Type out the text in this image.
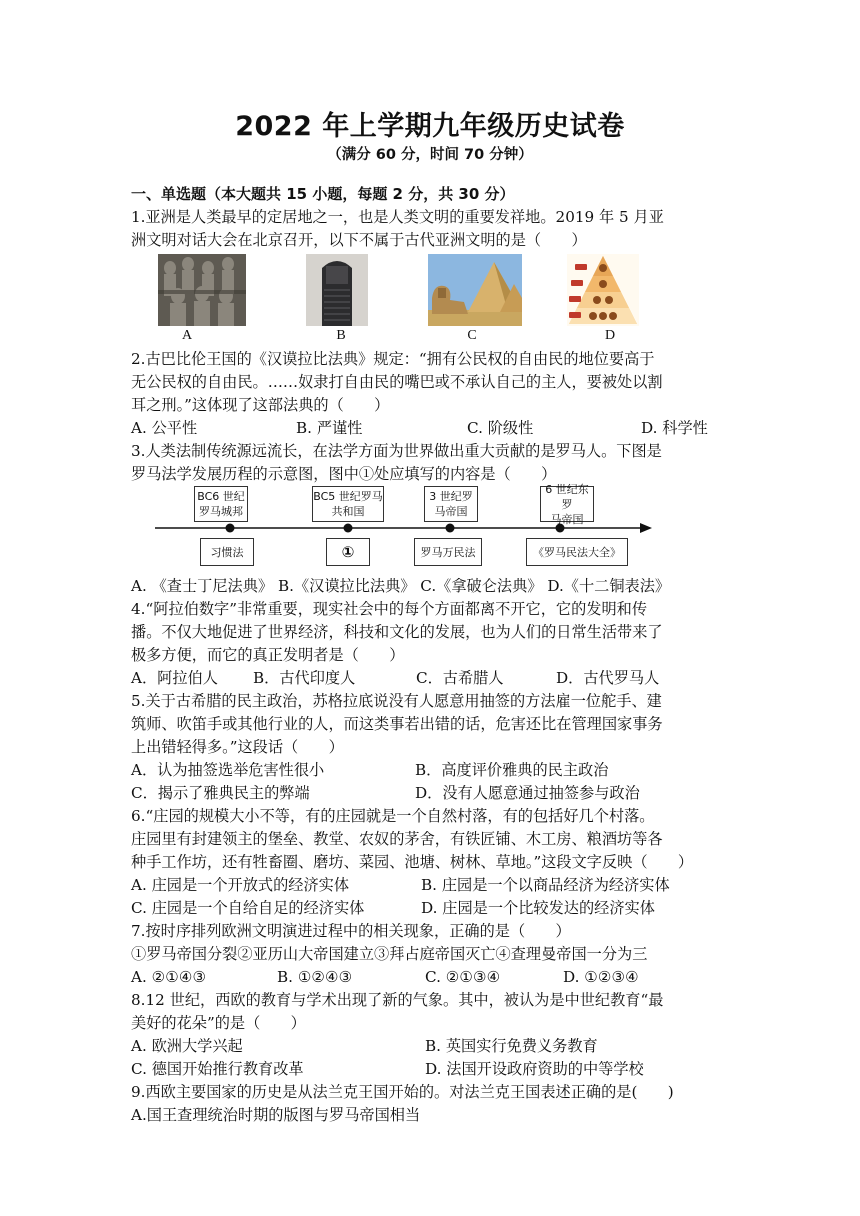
2022 年上学期九年级历史试卷
（满分 60 分，时间 70 分钟）
一、单选题（本大题共 15 小题，每题 2 分，共 30 分）
1.亚洲是人类最早的定居地之一，也是人类文明的重要发祥地。2019 年 5 月亚
洲文明对话大会在北京召开，以下不属于古代亚洲文明的是（　　）
A	B	C	D
2.古巴比伦王国的《汉谟拉比法典》规定：“拥有公民权的自由民的地位要高于
无公民权的自由民。……奴隶打自由民的嘴巴或不承认自己的主人，要被处以割
耳之刑。”这体现了这部法典的（　　）
A. 公平性	B. 严谨性	C. 阶级性	D. 科学性
3.人类法制传统源远流长，在法学方面为世界做出重大贡献的是罗马人。下图是
罗马法学发展历程的示意图，图中①处应填写的内容是（　　）
BC6 世纪
罗马城邦
BC5 世纪罗马
共和国
3 世纪罗
马帝国
6 世纪东罗
马帝国
习惯法	①	罗马万民法	《罗马民法大全》
A. 《查士丁尼法典》 B.《汉谟拉比法典》 C.《拿破仑法典》 D.《十二铜表法》
4.“阿拉伯数字”非常重要，现实社会中的每个方面都离不开它，它的发明和传
播。不仅大地促进了世界经济，科技和文化的发展，也为人们的日常生活带来了
极多方便，而它的真正发明者是（　　）
A．阿拉伯人 B．古代印度人	C．古希腊人	D．古代罗马人
5.关于古希腊的民主政治，苏格拉底说没有人愿意用抽签的方法雇一位舵手、建
筑师、吹笛手或其他行业的人，而这类事若出错的话，危害还比在管理国家事务
上出错轻得多。”这段话（　　）
A．认为抽签选举危害性很小	B．高度评价雅典的民主政治
C．揭示了雅典民主的弊端	D．没有人愿意通过抽签参与政治
6.“庄园的规模大小不等，有的庄园就是一个自然村落，有的包括好几个村落。
庄园里有封建领主的堡垒、教堂、农奴的茅舍，有铁匠铺、木工房、粮酒坊等各
种手工作坊，还有牲畜圈、磨坊、菜园、池塘、树林、草地。”这段文字反映（　　）
A. 庄园是一个开放式的经济实体	B. 庄园是一个以商品经济为经济实体
C. 庄园是一个自给自足的经济实体	D. 庄园是一个比较发达的经济实体
7.按时序排列欧洲文明演进过程中的相关现象，正确的是（　　）
①罗马帝国分裂②亚历山大帝国建立③拜占庭帝国灭亡④查理曼帝国一分为三
A. ②①④③	B. ①②④③	C. ②①③④	D. ①②③④
8.12 世纪，西欧的教育与学术出现了新的气象。其中，被认为是中世纪教育“最
美好的花朵”的是（　　）
A. 欧洲大学兴起	B. 英国实行免费义务教育
C. 德国开始推行教育改革	D. 法国开设政府资助的中等学校
9.西欧主要国家的历史是从法兰克王国开始的。对法兰克王国表述正确的是(　　)
A.国王查理统治时期的版图与罗马帝国相当
